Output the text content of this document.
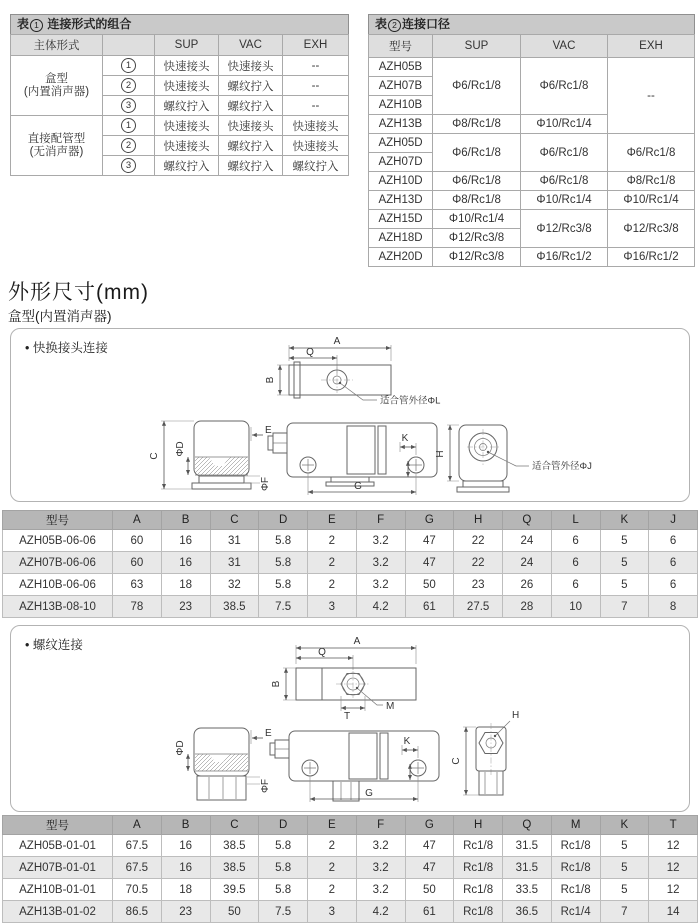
表 1 连接形式的组合
主体形式		SUP	VAC	EXH

盒型
(内置消声器)	1	快速接头	快速接头	--
	2	快速接头	螺纹拧入	--
	3	螺纹拧入	螺纹拧入	--

直接配管型
(无消声器)	1	快速接头	快速接头	快速接头
	2	快速接头	螺纹拧入	快速接头
	3	螺纹拧入	螺纹拧入	螺纹拧入
表 2 连接口径
型号	SUP	VAC	EXH
AZH05B	Φ6/Rc1/8	Φ6/Rc1/8	--
AZH07B			
AZH10B			
AZH13B	Φ8/Rc1/8	Φ10/Rc1/4	
AZH05D	Φ6/Rc1/8	Φ6/Rc1/8	Φ6/Rc1/8
AZH07D			
AZH10D	Φ6/Rc1/8	Φ6/Rc1/8	Φ8/Rc1/8
AZH13D	Φ8/Rc1/8	Φ10/Rc1/4	Φ10/Rc1/4
AZH15D	Φ10/Rc1/4	Φ12/Rc3/8	Φ12/Rc3/8
AZH18D	Φ12/Rc3/8		
AZH20D	Φ12/Rc3/8	Φ16/Rc1/2	Φ16/Rc1/2
外形尺寸(mm)
盒型(内置消声器)
• 快换接头连接	A
Q
B
适合管外径ΦL
C ΦD
E
ΦF
K
G
H
适合管外径ΦJ
型号	A	B	C	D	E	F	G	H	Q	L	K	J
AZH05B-06-06	60	16	31	5.8	2	3.2	47	22	24	6	5	6
AZH07B-06-06	60	16	31	5.8	2	3.2	47	22	24	6	5	6
AZH10B-06-06	63	18	32	5.8	2	3.2	50	23	26	6	5	6
AZH13B-08-10	78	23	38.5	7.5	3	4.2	61	27.5	28	10	7	8
• 螺纹连接	A
Q
B
T
M
ΦD
E
ΦF
K
G
H
C
型号	A	B	C	D	E	F	G	H	Q	M	K	T
AZH05B-01-01	67.5	16	38.5	5.8	2	3.2	47	Rc1/8	31.5	Rc1/8	5	12
AZH07B-01-01	67.5	16	38.5	5.8	2	3.2	47	Rc1/8	31.5	Rc1/8	5	12
AZH10B-01-01	70.5	18	39.5	5.8	2	3.2	50	Rc1/8	33.5	Rc1/8	5	12
AZH13B-01-02	86.5	23	50	7.5	3	4.2	61	Rc1/8	36.5	Rc1/4	7	14
